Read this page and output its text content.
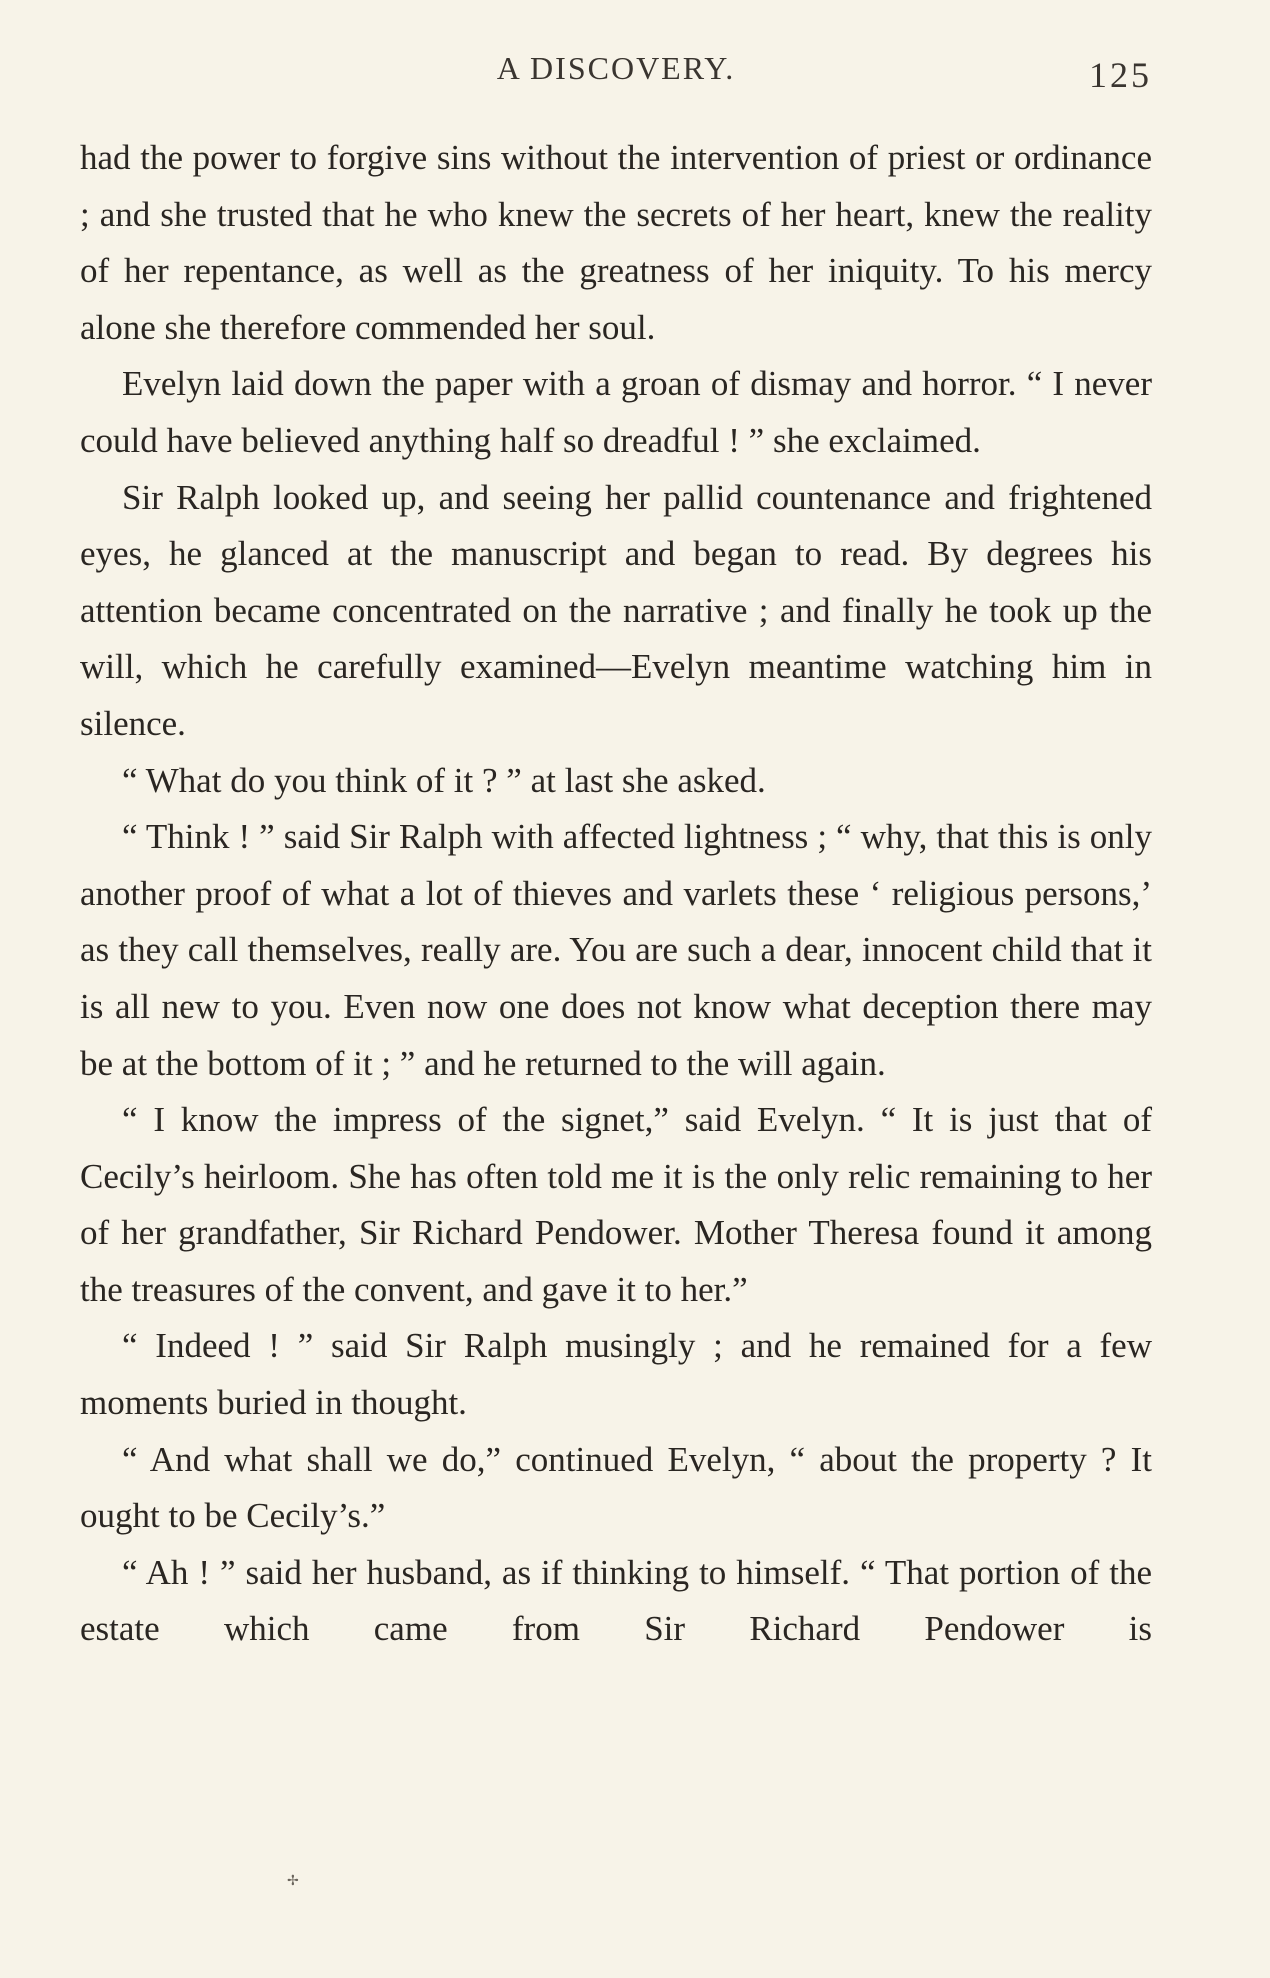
A DISCOVERY.	125

had the power to forgive sins without the intervention of priest or ordinance ; and she trusted that he who knew the secrets of her heart, knew the reality of her repentance, as well as the greatness of her iniquity. To his mercy alone she therefore commended her soul.

Evelyn laid down the paper with a groan of dismay and horror. “ I never could have believed anything half so dreadful ! ” she exclaimed.

Sir Ralph looked up, and seeing her pallid countenance and frightened eyes, he glanced at the manuscript and began to read. By degrees his attention became concentrated on the narrative ; and finally he took up the will, which he carefully examined—Evelyn meantime watching him in silence.

“ What do you think of it ? ” at last she asked.

“ Think ! ” said Sir Ralph with affected lightness ; “ why, that this is only another proof of what a lot of thieves and varlets these ‘ religious persons,’ as they call themselves, really are. You are such a dear, innocent child that it is all new to you. Even now one does not know what deception there may be at the bottom of it ; ” and he returned to the will again.

“ I know the impress of the signet,” said Evelyn. “ It is just that of Cecily’s heirloom. She has often told me it is the only relic remaining to her of her grandfather, Sir Richard Pendower. Mother Theresa found it among the treasures of the convent, and gave it to her.”

“ Indeed ! ” said Sir Ralph musingly ; and he remained for a few moments buried in thought.

“ And what shall we do,” continued Evelyn, “ about the property ? It ought to be Cecily’s.”

“ Ah ! ” said her husband, as if thinking to himself. “ That portion of the estate which came from Sir Richard Pendower is

✢
